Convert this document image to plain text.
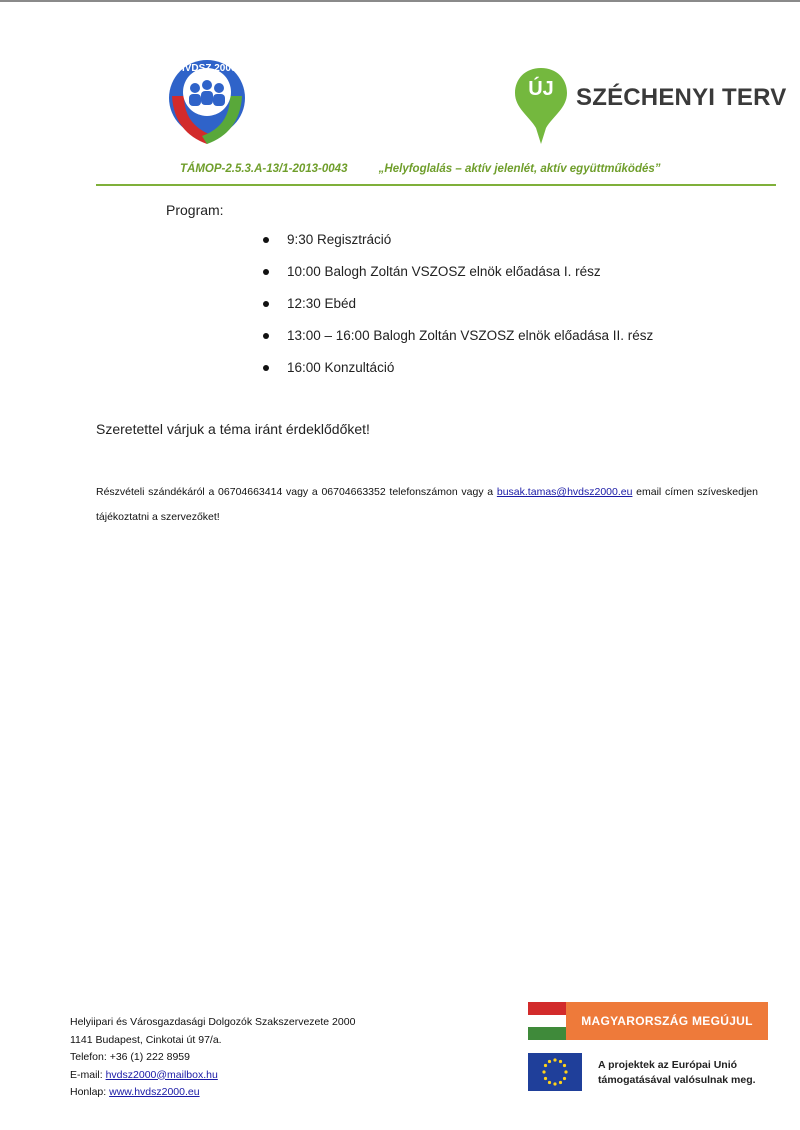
HVDSZ 2000
ÚJ SZÉCHENYI TERV
TÁMOP-2.5.3.A-13/1-2013-0043	„Helyfoglalás – aktív jelenlét, aktív együttműködés”
Program:
9:30 Regisztráció
10:00 Balogh Zoltán VSZOSZ elnök előadása I. rész
12:30 Ebéd
13:00 – 16:00 Balogh Zoltán VSZOSZ elnök előadása II. rész
16:00 Konzultáció
Szeretettel várjuk a téma iránt érdeklődőket!
Részvételi szándékáról a 06704663414 vagy a 06704663352 telefonszámon vagy a busak.tamas@hvdsz2000.eu email címen szíveskedjen tájékoztatni a szervezőket!
Helyiipari és Városgazdasági Dolgozók Szakszervezete 2000
1141 Budapest, Cinkotai út 97/a.
Telefon: +36 (1) 222 8959
E-mail: hvdsz2000@mailbox.hu
Honlap: www.hvdsz2000.eu
MAGYARORSZÁG MEGÚJUL
A projektek az Európai Unió
támogatásával valósulnak meg.
